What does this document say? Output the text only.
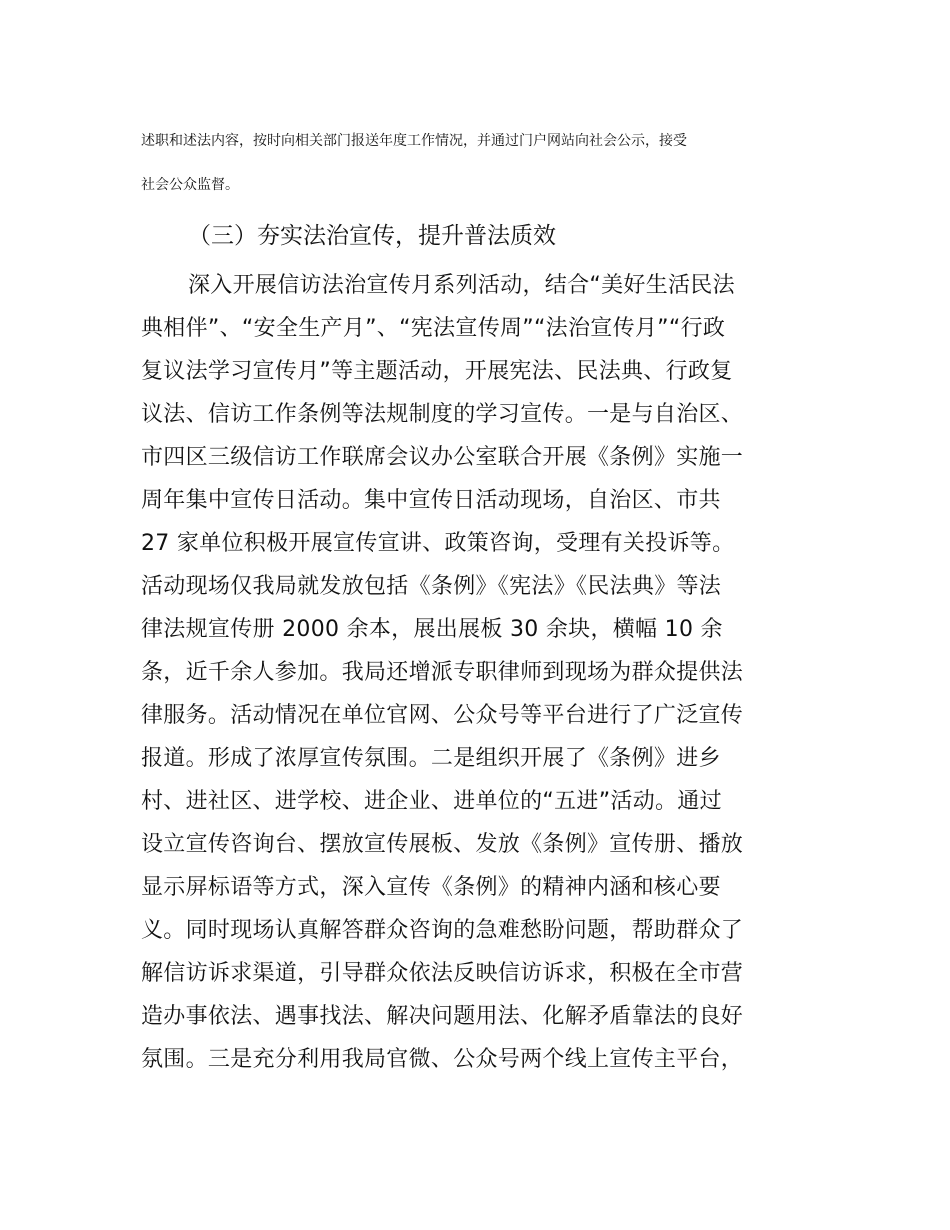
述职和述法内容，按时向相关部门报送年度工作情况，并通过门户网站向社会公示，接受
社会公众监督。
（三）夯实法治宣传，提升普法质效
深入开展信访法治宣传月系列活动，结合“美好生活民法
典相伴”、“安全生产月”、“宪法宣传周”“法治宣传月”“行政
复议法学习宣传月”等主题活动，开展宪法、民法典、行政复
议法、信访工作条例等法规制度的学习宣传。一是与自治区、
市四区三级信访工作联席会议办公室联合开展《条例》实施一
周年集中宣传日活动。集中宣传日活动现场，自治区、市共
27 家单位积极开展宣传宣讲、政策咨询，受理有关投诉等。
活动现场仅我局就发放包括《条例》《宪法》《民法典》等法
律法规宣传册 2000 余本，展出展板 30 余块，横幅 10 余
条，近千余人参加。我局还增派专职律师到现场为群众提供法
律服务。活动情况在单位官网、公众号等平台进行了广泛宣传
报道。形成了浓厚宣传氛围。二是组织开展了《条例》进乡
村、进社区、进学校、进企业、进单位的“五进”活动。通过
设立宣传咨询台、摆放宣传展板、发放《条例》宣传册、播放
显示屏标语等方式，深入宣传《条例》的精神内涵和核心要
义。同时现场认真解答群众咨询的急难愁盼问题，帮助群众了
解信访诉求渠道，引导群众依法反映信访诉求，积极在全市营
造办事依法、遇事找法、解决问题用法、化解矛盾靠法的良好
氛围。三是充分利用我局官微、公众号两个线上宣传主平台，
